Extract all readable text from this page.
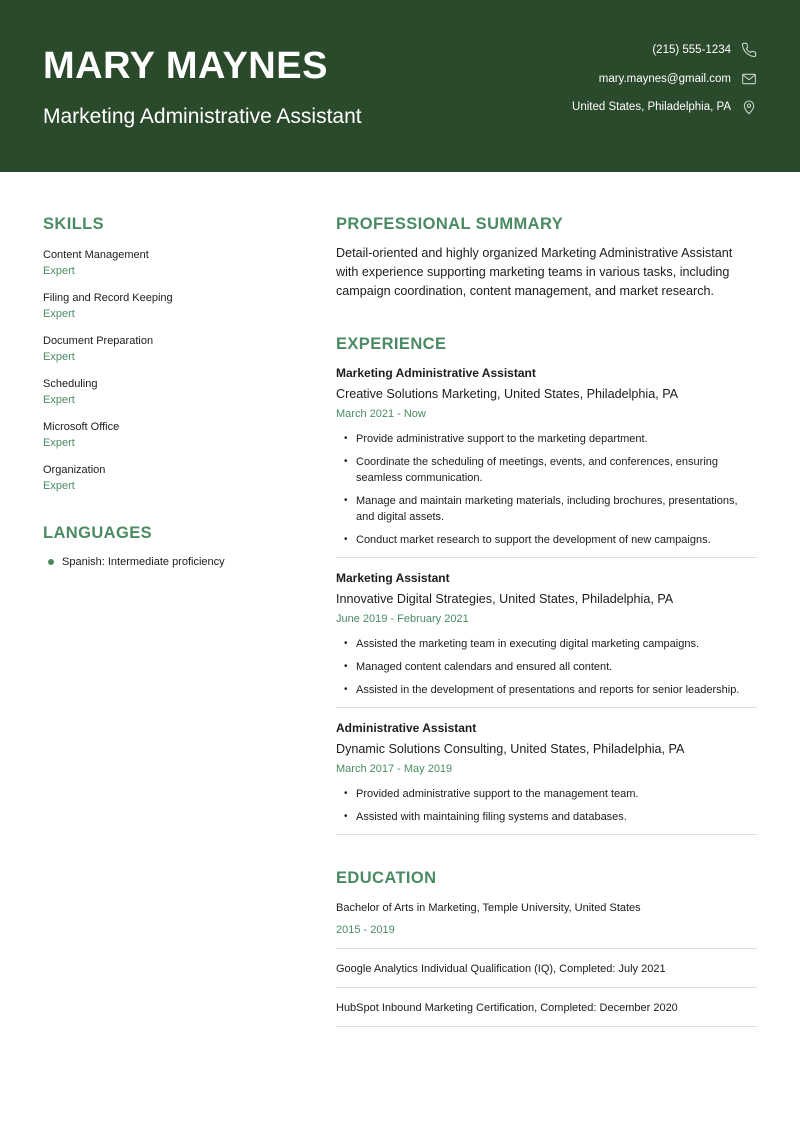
MARY MAYNES
Marketing Administrative Assistant
(215) 555-1234
mary.maynes@gmail.com
United States, Philadelphia, PA
SKILLS
Content Management
Expert
Filing and Record Keeping
Expert
Document Preparation
Expert
Scheduling
Expert
Microsoft Office
Expert
Organization
Expert
LANGUAGES
Spanish: Intermediate proficiency
PROFESSIONAL SUMMARY

Detail-oriented and highly organized Marketing Administrative Assistant with experience supporting marketing teams in various tasks, including campaign coordination, content management, and market research.

EXPERIENCE
Marketing Administrative Assistant
Creative Solutions Marketing, United States, Philadelphia, PA
March 2021 - Now
• Provide administrative support to the marketing department.
• Coordinate the scheduling of meetings, events, and conferences, ensuring seamless communication.
• Manage and maintain marketing materials, including brochures, presentations, and digital assets.
• Conduct market research to support the development of new campaigns.
Marketing Assistant
Innovative Digital Strategies, United States, Philadelphia, PA
June 2019 - February 2021
• Assisted the marketing team in executing digital marketing campaigns.
• Managed content calendars and ensured all content.
• Assisted in the development of presentations and reports for senior leadership.
Administrative Assistant
Dynamic Solutions Consulting, United States, Philadelphia, PA
March 2017 - May 2019
• Provided administrative support to the management team.
• Assisted with maintaining filing systems and databases.
EDUCATION
Bachelor of Arts in Marketing, Temple University, United States
2015 - 2019
Google Analytics Individual Qualification (IQ), Completed: July 2021
HubSpot Inbound Marketing Certification, Completed: December 2020
